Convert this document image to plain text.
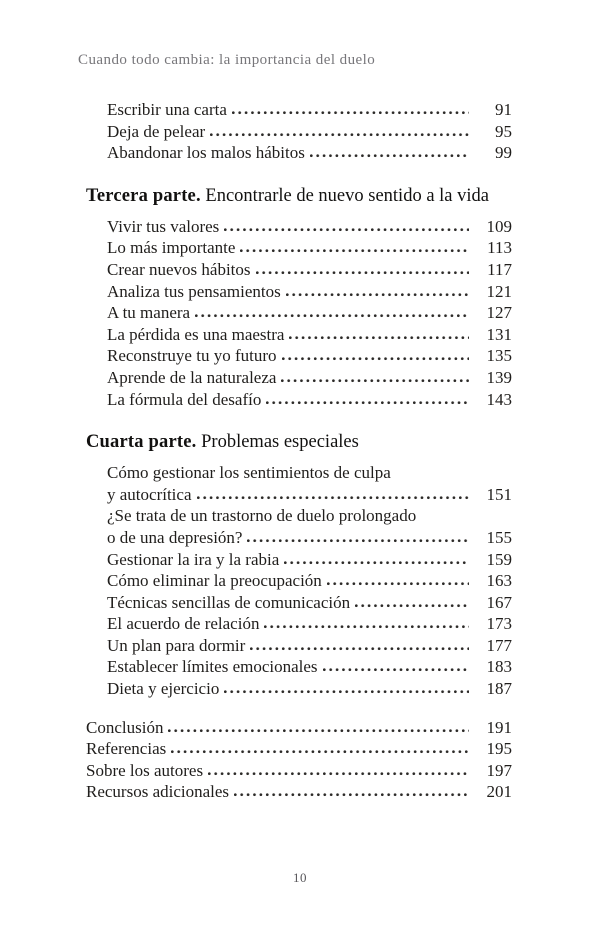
Cuando todo cambia: la importancia del duelo
Escribir una carta	91
Deja de pelear	95
Abandonar los malos hábitos	99
Tercera parte. Encontrarle de nuevo sentido a la vida
Vivir tus valores	109
Lo más importante	113
Crear nuevos hábitos	117
Analiza tus pensamientos	121
A tu manera	127
La pérdida es una maestra	131
Reconstruye tu yo futuro	135
Aprende de la naturaleza	139
La fórmula del desafío	143
Cuarta parte. Problemas especiales
Cómo gestionar los sentimientos de culpa
y autocrítica	151
¿Se trata de un trastorno de duelo prolongado
o de una depresión?	155
Gestionar la ira y la rabia	159
Cómo eliminar la preocupación	163
Técnicas sencillas de comunicación	167
El acuerdo de relación	173
Un plan para dormir	177
Establecer límites emocionales	183
Dieta y ejercicio	187
Conclusión	191
Referencias	195
Sobre los autores	197
Recursos adicionales	201
10
